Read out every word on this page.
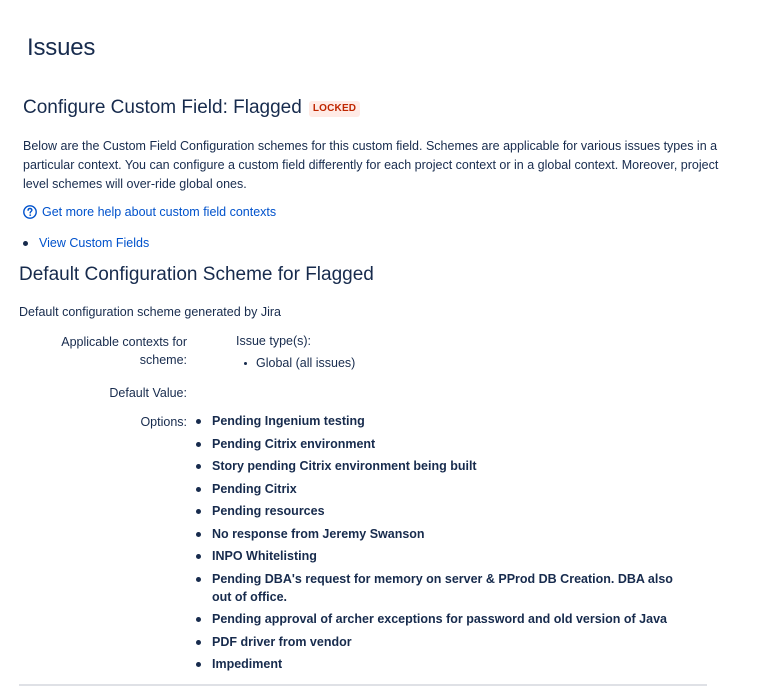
Issues
Configure Custom Field: Flagged	LOCKED
Below are the Custom Field Configuration schemes for this custom field. Schemes are applicable for various issues types in a particular context. You can configure a custom field differently for each project context or in a global context. Moreover, project level schemes will over-ride global ones.
Get more help about custom field contexts
View Custom Fields
Default Configuration Scheme for Flagged
Default configuration scheme generated by Jira
Applicable contexts for scheme:
Issue type(s):
Global (all issues)
Default Value:
Options: Pending Ingenium testing
Pending Citrix environment
Story pending Citrix environment being built
Pending Citrix
Pending resources
No response from Jeremy Swanson
INPO Whitelisting
Pending DBA's request for memory on server & PProd DB Creation. DBA also out of office.
Pending approval of archer exceptions for password and old version of Java
PDF driver from vendor
Impediment
